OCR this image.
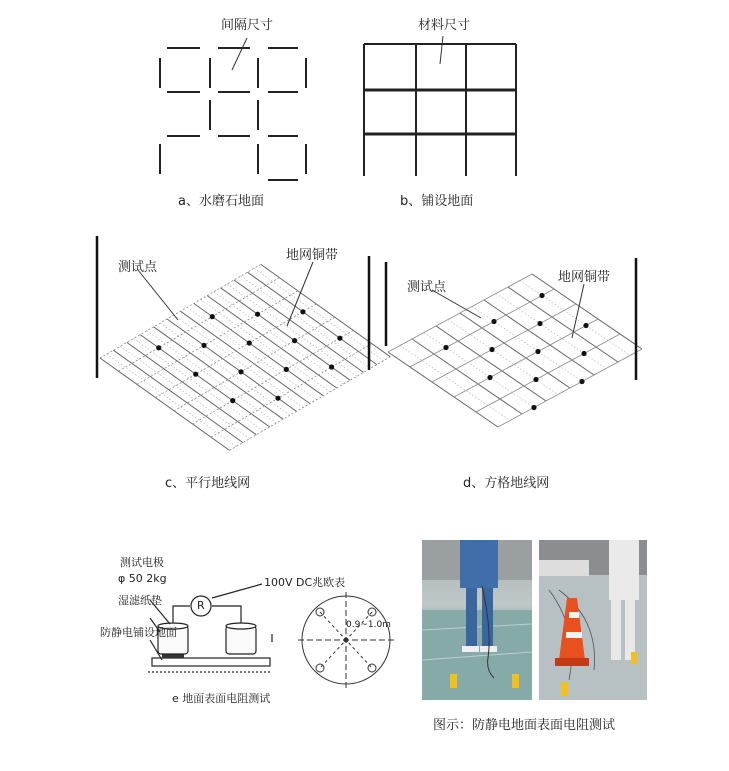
间隔尺寸
a、水磨石地面
材料尺寸
b、铺设地面
测试点
地网铜带
c、平行地线网
测试点
地网铜带
d、方格地线网
测试电极
φ 50 2kg
湿滤纸垫
防静电铺设地面
100V DC兆欧表
R
0.9~1.0m
e 地面表面电阻测试
图示：防静电地面表面电阻测试
